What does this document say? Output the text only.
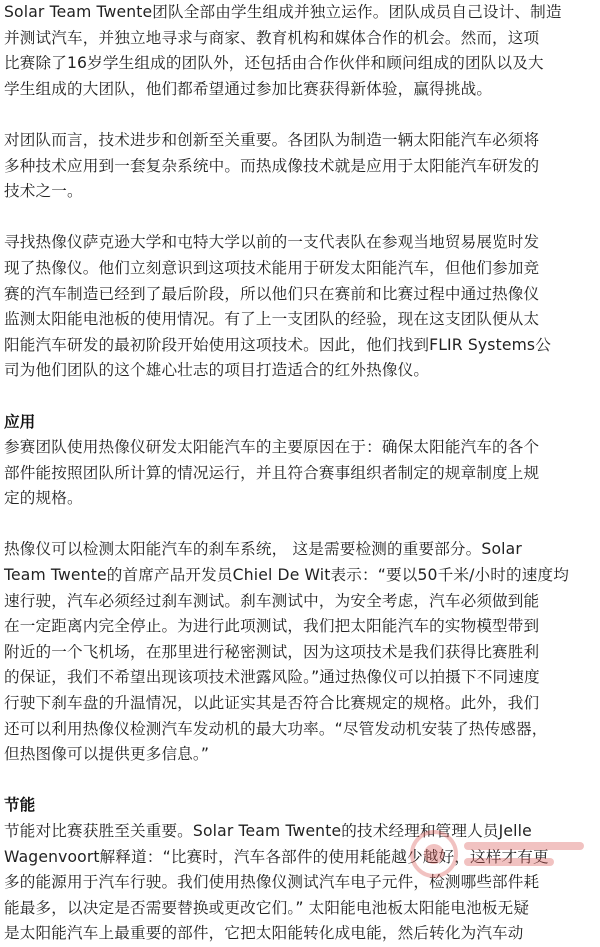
Solar Team Twente团队全部由学生组成并独立运作。团队成员自己设计、制造
并测试汽车，并独立地寻求与商家、教育机构和媒体合作的机会。然而，这项
比赛除了16岁学生组成的团队外，还包括由合作伙伴和顾问组成的团队以及大
学生组成的大团队，他们都希望通过参加比赛获得新体验，赢得挑战。

对团队而言，技术进步和创新至关重要。各团队为制造一辆太阳能汽车必须将
多种技术应用到一套复杂系统中。而热成像技术就是应用于太阳能汽车研发的
技术之一。

寻找热像仪萨克逊大学和屯特大学以前的一支代表队在参观当地贸易展览时发
现了热像仪。他们立刻意识到这项技术能用于研发太阳能汽车，但他们参加竞
赛的汽车制造已经到了最后阶段，所以他们只在赛前和比赛过程中通过热像仪
监测太阳能电池板的使用情况。有了上一支团队的经验，现在这支团队便从太
阳能汽车研发的最初阶段开始使用这项技术。因此，他们找到FLIR Systems公
司为他们团队的这个雄心壮志的项目打造适合的红外热像仪。

应用

参赛团队使用热像仪研发太阳能汽车的主要原因在于：确保太阳能汽车的各个
部件能按照团队所计算的情况运行，并且符合赛事组织者制定的规章制度上规
定的规格。

热像仪可以检测太阳能汽车的刹车系统， 这是需要检测的重要部分。Solar
Team Twente的首席产品开发员Chiel De Wit表示：“要以50千米/小时的速度均
速行驶，汽车必须经过刹车测试。刹车测试中，为安全考虑，汽车必须做到能
在一定距离内完全停止。为进行此项测试，我们把太阳能汽车的实物模型带到
附近的一个飞机场，在那里进行秘密测试，因为这项技术是我们获得比赛胜利
的保证，我们不希望出现该项技术泄露风险。”通过热像仪可以拍摄下不同速度
行驶下刹车盘的升温情况，以此证实其是否符合比赛规定的规格。此外，我们
还可以利用热像仪检测汽车发动机的最大功率。“尽管发动机安装了热传感器，
但热图像可以提供更多信息。”

节能

节能对比赛获胜至关重要。Solar Team Twente的技术经理和管理人员Jelle
Wagenvoort解释道：“比赛时，汽车各部件的使用耗能越少越好，这样才有更
多的能源用于汽车行驶。我们使用热像仪测试汽车电子元件，检测哪些部件耗
能最多，以决定是否需要替换或更改它们。” 太阳能电池板太阳能电池板无疑
是太阳能汽车上最重要的部件，它把太阳能转化成电能，然后转化为汽车动
